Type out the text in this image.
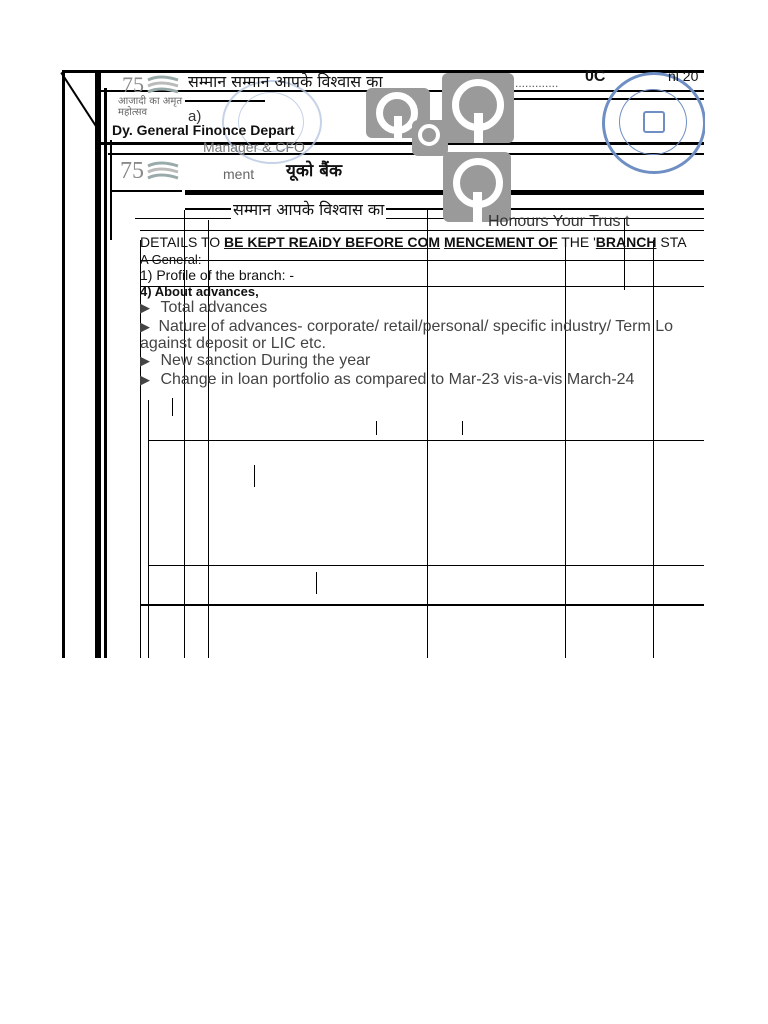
75
75
सम्मान सम्मान आपके विश्वास का	0C	nl 20
.............
आजादी का अमृत महोत्सव	a)
Dy. General Finonce Depart
Manager & CFO
यूको बैंक
ment
सम्मान आपके विश्वास का
Honours Your Trus t
DETAILS TO BE KEPT REAiDY BEFORE COM MENCEMENT OF THE 'BRANCH STA
A General: -
1) Profile of the branch: -
4) About advances,
▶ Total advances
▶ Nature of advances- corporate/ retail/personal/ specific industry/ Term Lo
against deposit or LIC etc.
▶ New sanction During the year
▶ Change in loan portfolio as compared to Mar-23 vis-a-vis March-24
